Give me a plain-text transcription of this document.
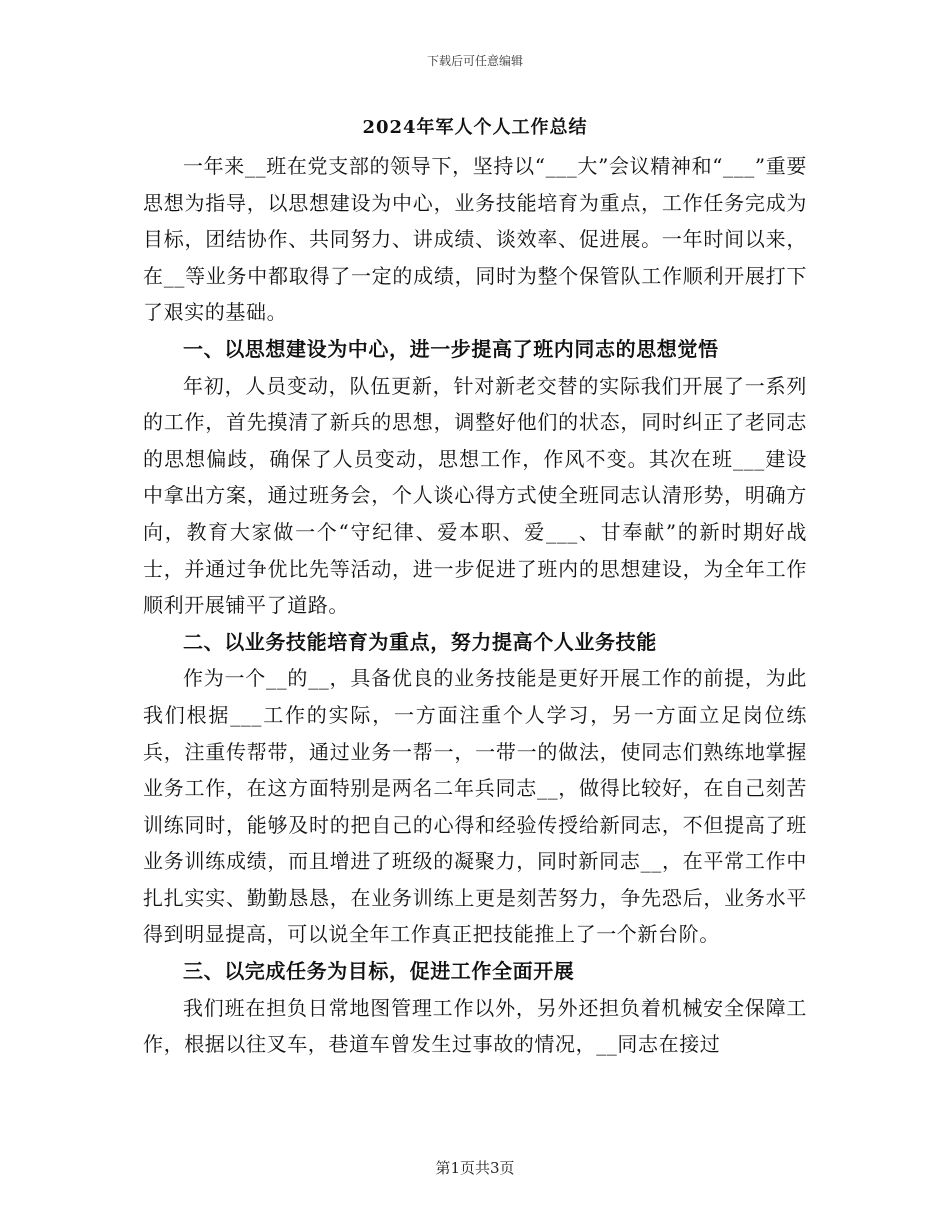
下载后可任意编辑
2024年军人个人工作总结

一年来__班在党支部的领导下，坚持以“___大”会议精神和“___”重要思想为指导，以思想建设为中心，业务技能培育为重点，工作任务完成为目标，团结协作、共同努力、讲成绩、谈效率、促进展。一年时间以来，在__等业务中都取得了一定的成绩，同时为整个保管队工作顺利开展打下了艰实的基础。

一、以思想建设为中心，进一步提高了班内同志的思想觉悟

年初，人员变动，队伍更新，针对新老交替的实际我们开展了一系列的工作，首先摸清了新兵的思想，调整好他们的状态，同时纠正了老同志的思想偏歧，确保了人员变动，思想工作，作风不变。其次在班___建设中拿出方案，通过班务会，个人谈心得方式使全班同志认清形势，明确方向，教育大家做一个“守纪律、爱本职、爱___、甘奉献”的新时期好战士，并通过争优比先等活动，进一步促进了班内的思想建设，为全年工作顺利开展铺平了道路。

二、以业务技能培育为重点，努力提高个人业务技能

作为一个__的__，具备优良的业务技能是更好开展工作的前提，为此我们根据___工作的实际，一方面注重个人学习，另一方面立足岗位练兵，注重传帮带，通过业务一帮一，一带一的做法，使同志们熟练地掌握业务工作，在这方面特别是两名二年兵同志__，做得比较好，在自己刻苦训练同时，能够及时的把自己的心得和经验传授给新同志，不但提高了班业务训练成绩，而且增进了班级的凝聚力，同时新同志__，在平常工作中扎扎实实、勤勤恳恳，在业务训练上更是刻苦努力，争先恐后，业务水平得到明显提高，可以说全年工作真正把技能推上了一个新台阶。

三、以完成任务为目标，促进工作全面开展

我们班在担负日常地图管理工作以外，另外还担负着机械安全保障工作，根据以往叉车，巷道车曾发生过事故的情况，__同志在接过

第1页共3页
